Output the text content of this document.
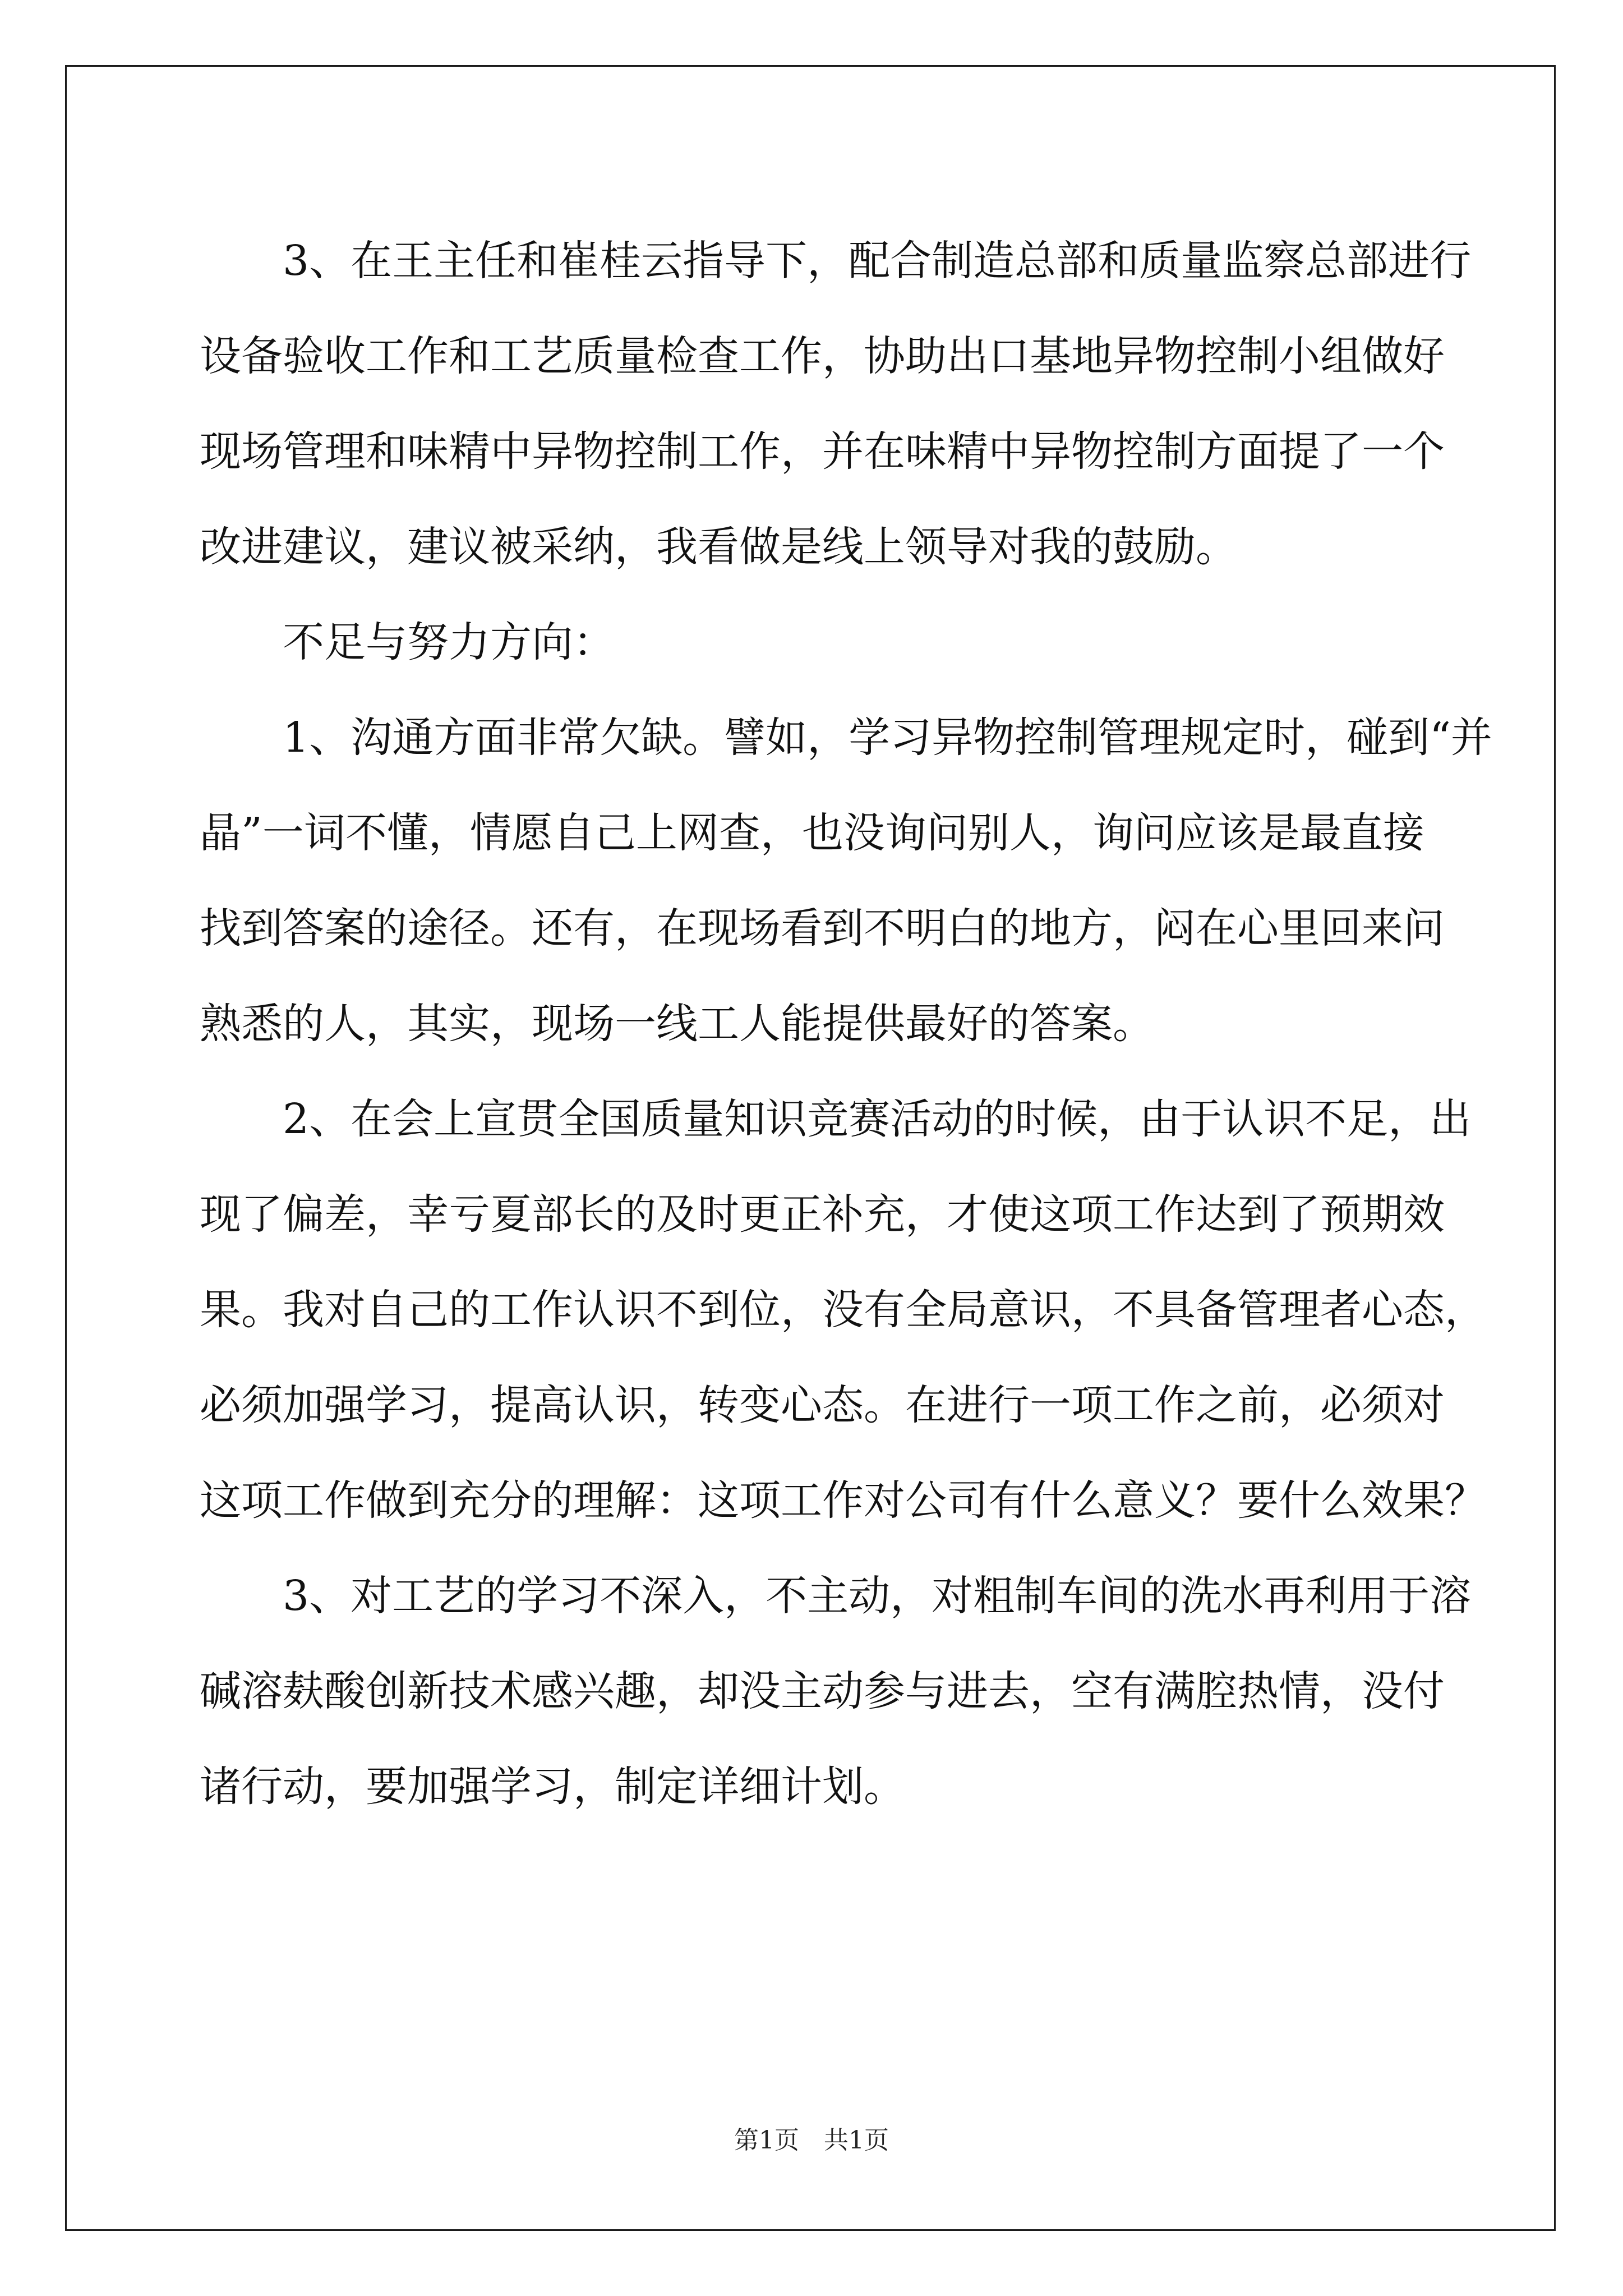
3、在王主任和崔桂云指导下，配合制造总部和质量监察总部进行
设备验收工作和工艺质量检查工作，协助出口基地异物控制小组做好
现场管理和味精中异物控制工作，并在味精中异物控制方面提了一个
改进建议，建议被采纳，我看做是线上领导对我的鼓励。
不足与努力方向：
1、沟通方面非常欠缺。譬如，学习异物控制管理规定时，碰到“并
晶”一词不懂，情愿自己上网查，也没询问别人，询问应该是最直接
找到答案的途径。还有，在现场看到不明白的地方，闷在心里回来问
熟悉的人，其实，现场一线工人能提供最好的答案。
2、在会上宣贯全国质量知识竞赛活动的时候，由于认识不足，出
现了偏差，幸亏夏部长的及时更正补充，才使这项工作达到了预期效
果。我对自己的工作认识不到位，没有全局意识，不具备管理者心态，
必须加强学习，提高认识，转变心态。在进行一项工作之前，必须对
这项工作做到充分的理解：这项工作对公司有什么意义？要什么效果？
3、对工艺的学习不深入，不主动，对粗制车间的洗水再利用于溶
碱溶麸酸创新技术感兴趣，却没主动参与进去，空有满腔热情，没付
诸行动，要加强学习，制定详细计划。
第1页　共1页
